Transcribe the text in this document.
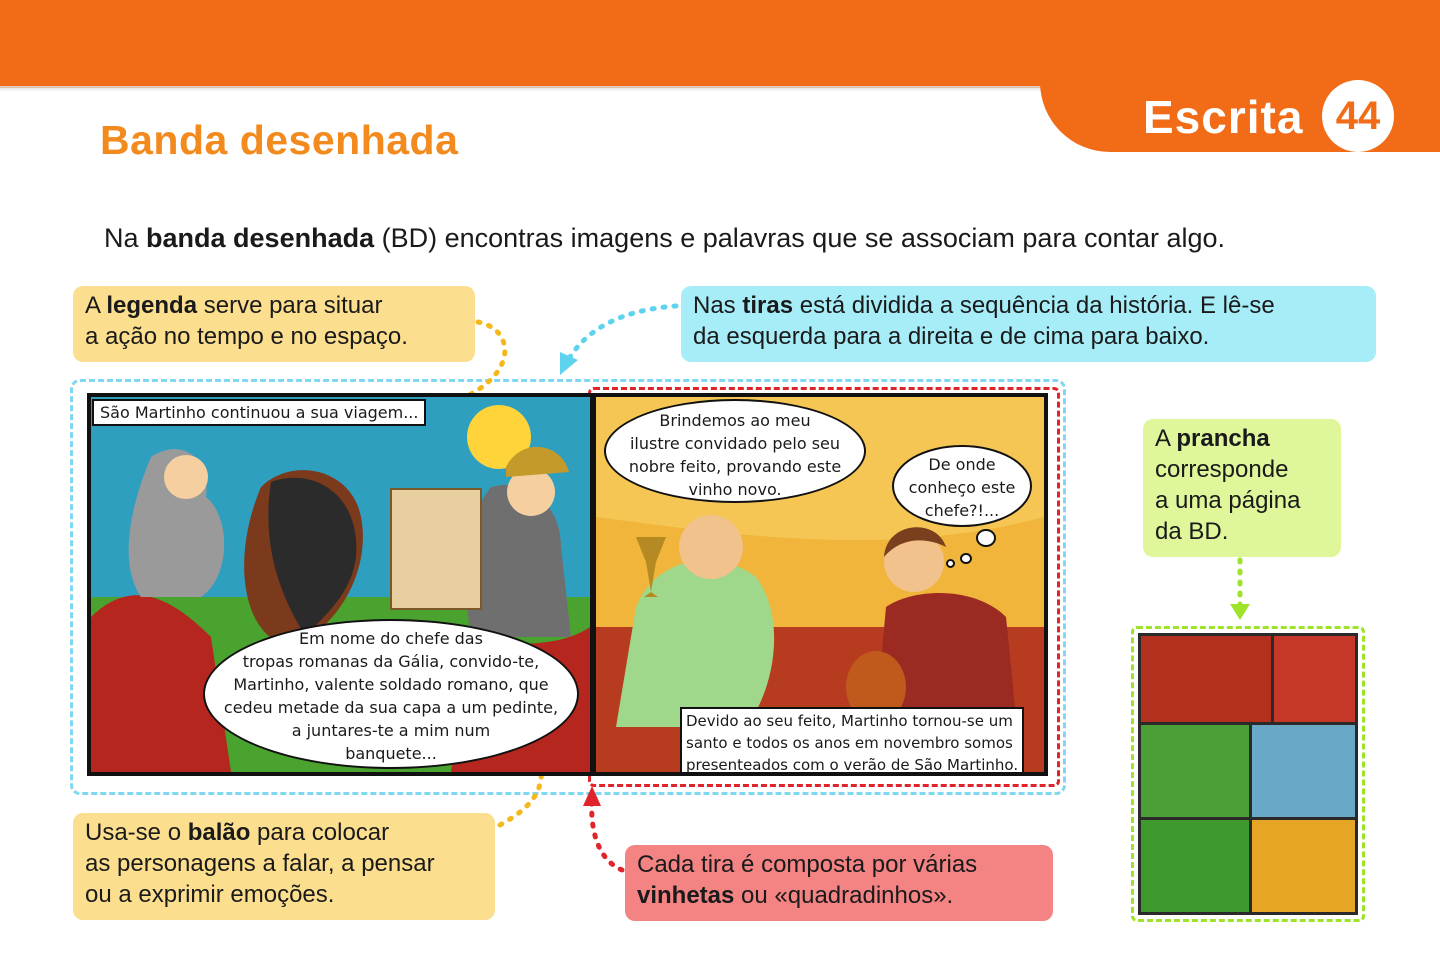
Escrita 44
Banda desenhada
Na banda desenhada (BD) encontras imagens e palavras que se associam para contar algo.
A legenda serve para situar
a ação no tempo e no espaço.
Nas tiras está dividida a sequência da história. E lê-se
da esquerda para a direita e de cima para baixo.
A prancha
corresponde
a uma página
da BD.
Usa-se o balão para colocar
as personagens a falar, a pensar
ou a exprimir emoções.
Cada tira é composta por várias
vinhetas ou «quadradinhos».
São Martinho continuou a sua viagem...
Em nome do chefe das
tropas romanas da Gália, convido-te,
Martinho, valente soldado romano, que
cedeu metade da sua capa a um pedinte,
a juntares-te a mim num
banquete...
Brindemos ao meu
ilustre convidado pelo seu
nobre feito, provando este
vinho novo.
De onde
conheço este
chefe?!...
Devido ao seu feito, Martinho tornou-se um
santo e todos os anos em novembro somos
presenteados com o verão de São Martinho.
